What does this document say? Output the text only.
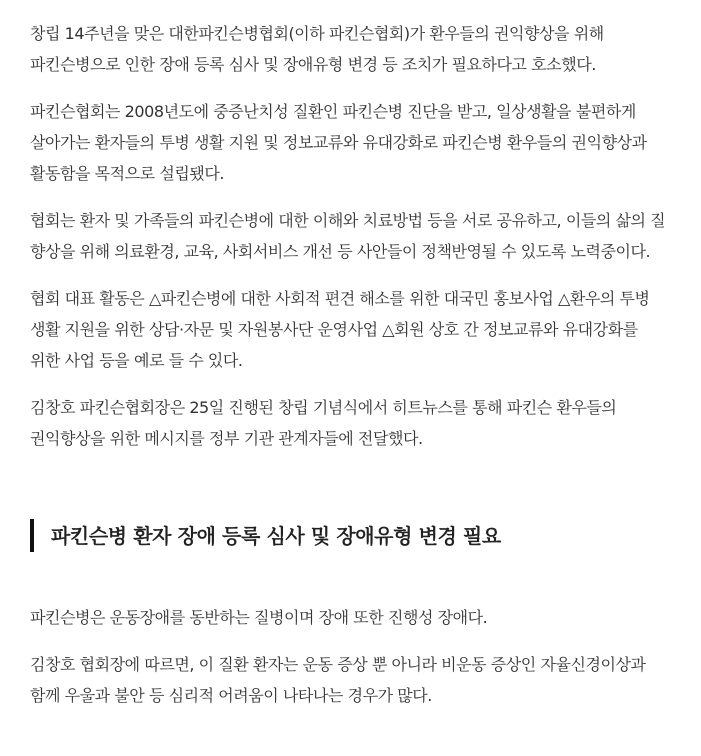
창립 14주년을 맞은 대한파킨슨병협회(이하 파킨슨협회)가 환우들의 권익향상을 위해 파킨슨병으로 인한 장애 등록 심사 및 장애유형 변경 등 조치가 필요하다고 호소했다.

파킨슨협회는 2008년도에 중증난치성 질환인 파킨슨병 진단을 받고, 일상생활을 불편하게 살아가는 환자들의 투병 생활 지원 및 정보교류와 유대강화로 파킨슨병 환우들의 권익향상과 활동함을 목적으로 설립됐다.

협회는 환자 및 가족들의 파킨슨병에 대한 이해와 치료방법 등을 서로 공유하고, 이들의 삶의 질 향상을 위해 의료환경, 교육, 사회서비스 개선 등 사안들이 정책반영될 수 있도록 노력중이다.

협회 대표 활동은 △파킨슨병에 대한 사회적 편견 해소를 위한 대국민 홍보사업 △환우의 투병 생활 지원을 위한 상담·자문 및 자원봉사단 운영사업 △회원 상호 간 정보교류와 유대강화를 위한 사업 등을 예로 들 수 있다.

김창호 파킨슨협회장은 25일 진행된 창립 기념식에서 히트뉴스를 통해 파킨슨 환우들의 권익향상을 위한 메시지를 정부 기관 관계자들에 전달했다.

파킨슨병 환자 장애 등록 심사 및 장애유형 변경 필요

파킨슨병은 운동장애를 동반하는 질병이며 장애 또한 진행성 장애다.

김창호 협회장에 따르면, 이 질환 환자는 운동 증상 뿐 아니라 비운동 증상인 자율신경이상과 함께 우울과 불안 등 심리적 어려움이 나타나는 경우가 많다.
